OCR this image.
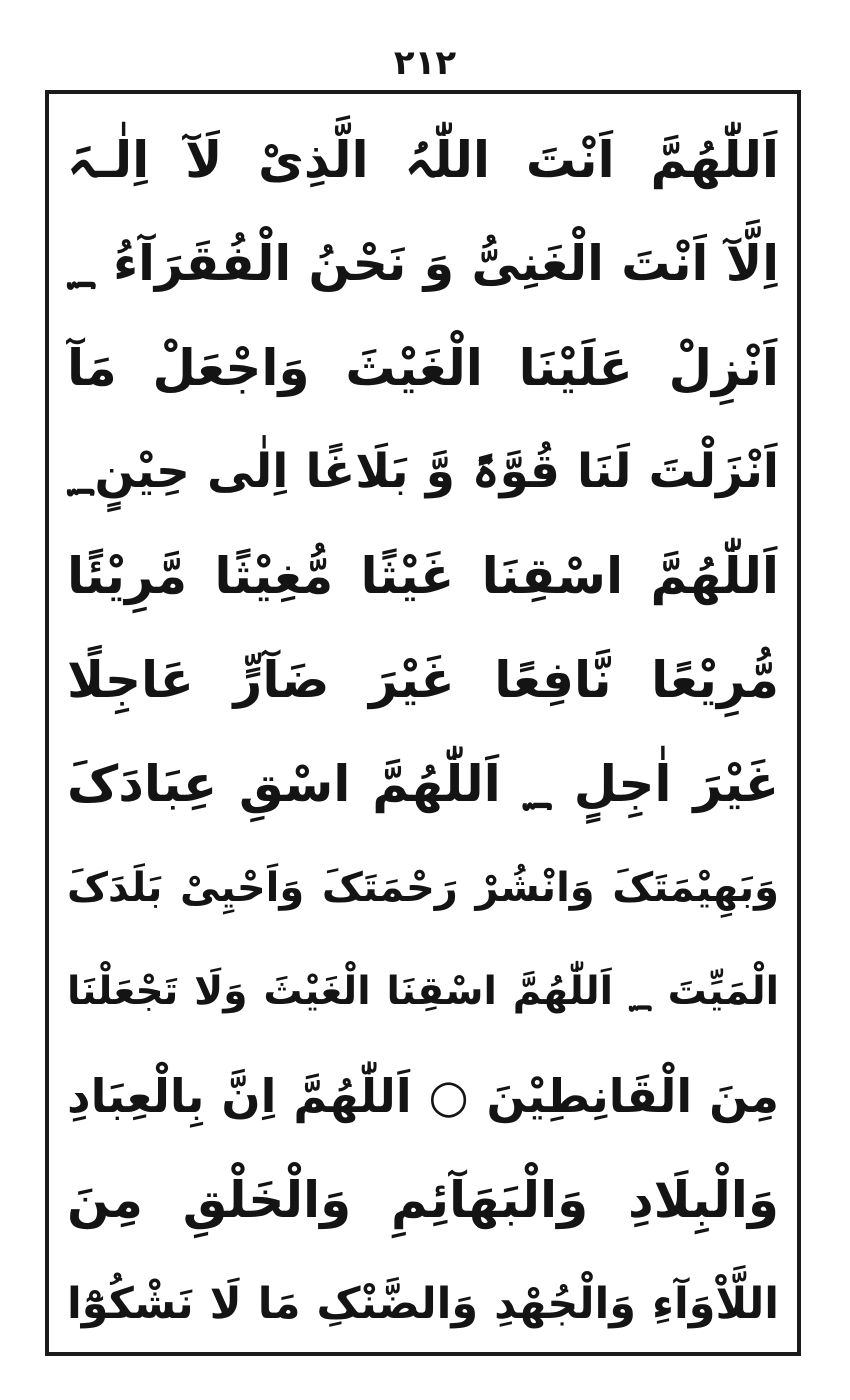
۲۱۲
اَللّٰھُمَّ اَنْتَ اللّٰہُ الَّذِیْ لَآ اِلٰـہَ
اِلَّآ اَنْتَ الْغَنِیُّ وَ نَحْنُ الْفُقَرَآءُ ؁
اَنْزِلْ عَلَیْنَا الْغَیْثَ وَاجْعَلْ مَآ
اَنْزَلْتَ لَنَا قُوَّۃً وَّ بَلَاغًا اِلٰی حِیْنٍ؁
اَللّٰھُمَّ اسْقِنَا غَیْثًا مُّغِیْثًا مَّرِیْئًا
مُّرِیْعًا نَّافِعًا غَیْرَ ضَآرٍّ عَاجِلًا
غَیْرَ اٰجِلٍ ؁ اَللّٰھُمَّ اسْقِ عِبَادَکَ
وَبَھِیْمَتَکَ وَانْشُرْ رَحْمَتَکَ وَاَحْیِیْ بَلَدَکَ
الْمَیِّتَ ؁ اَللّٰھُمَّ اسْقِنَا الْغَیْثَ وَلَا تَجْعَلْنَا
مِنَ الْقَانِطِیْنَ ○ اَللّٰھُمَّ اِنَّ بِالْعِبَادِ
وَالْبِلَادِ وَالْبَھَآئِمِ وَالْخَلْقِ مِنَ
اللَّاْوَآءِ وَالْجُھْدِ وَالضَّنْکِ مَا لَا نَشْکُوْٓا
